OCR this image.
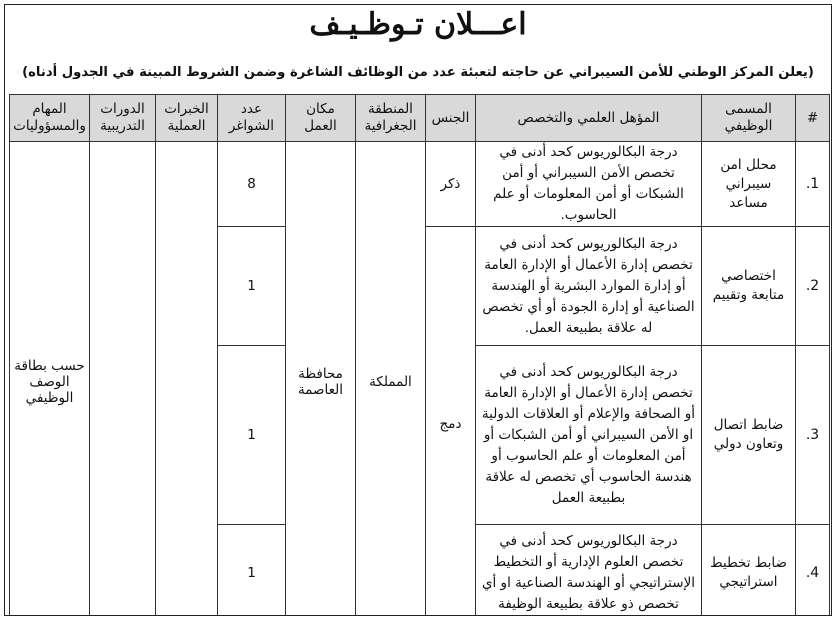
اعـــلان تـوظـيـف
(يعلن المركز الوطني للأمن السيبراني عن حاجته لتعبئة عدد من الوظائف الشاغرة وضمن الشروط المبينة في الجدول أدناه)
#	المسمى الوظيفي	المؤهل العلمي والتخصص	الجنس	المنطقة الجغرافية	مكان العمل	عدد الشواغر	الخبرات العملية	الدورات التدريبية	المهام والمسؤوليات
1.	محلل امن سيبراني مساعد	درجة البكالوريوس كحد أدنى في تخصص الأمن السيبراني أو أمن الشبكات أو أمن المعلومات أو علم الحاسوب.	ذكر	المملكة	محافظة العاصمة	8			حسب بطاقة الوصف الوظيفي
2.	اختصاصي متابعة وتقييم	درجة البكالوريوس كحد أدنى في تخصص إدارة الأعمال أو الإدارة العامة أو إدارة الموارد البشرية أو الهندسة الصناعية أو إدارة الجودة أو أي تخصص له علاقة بطبيعة العمل.	دمج			1			
3.	ضابط اتصال وتعاون دولي	درجة البكالوريوس كحد أدنى في تخصص إدارة الأعمال أو الإدارة العامة أو الصحافة والإعلام أو العلاقات الدولية او الأمن السيبراني أو أمن الشبكات أو أمن المعلومات أو علم الحاسوب أو هندسة الحاسوب أي تخصص له علاقة بطبيعة العمل				1			
4.	ضابط تخطيط استراتيجي	درجة البكالوريوس كحد أدنى في تخصص العلوم الإدارية أو التخطيط الإستراتيجي أو الهندسة الصناعية او أي تخصص ذو علاقة بطبيعة الوظيفة				1			
